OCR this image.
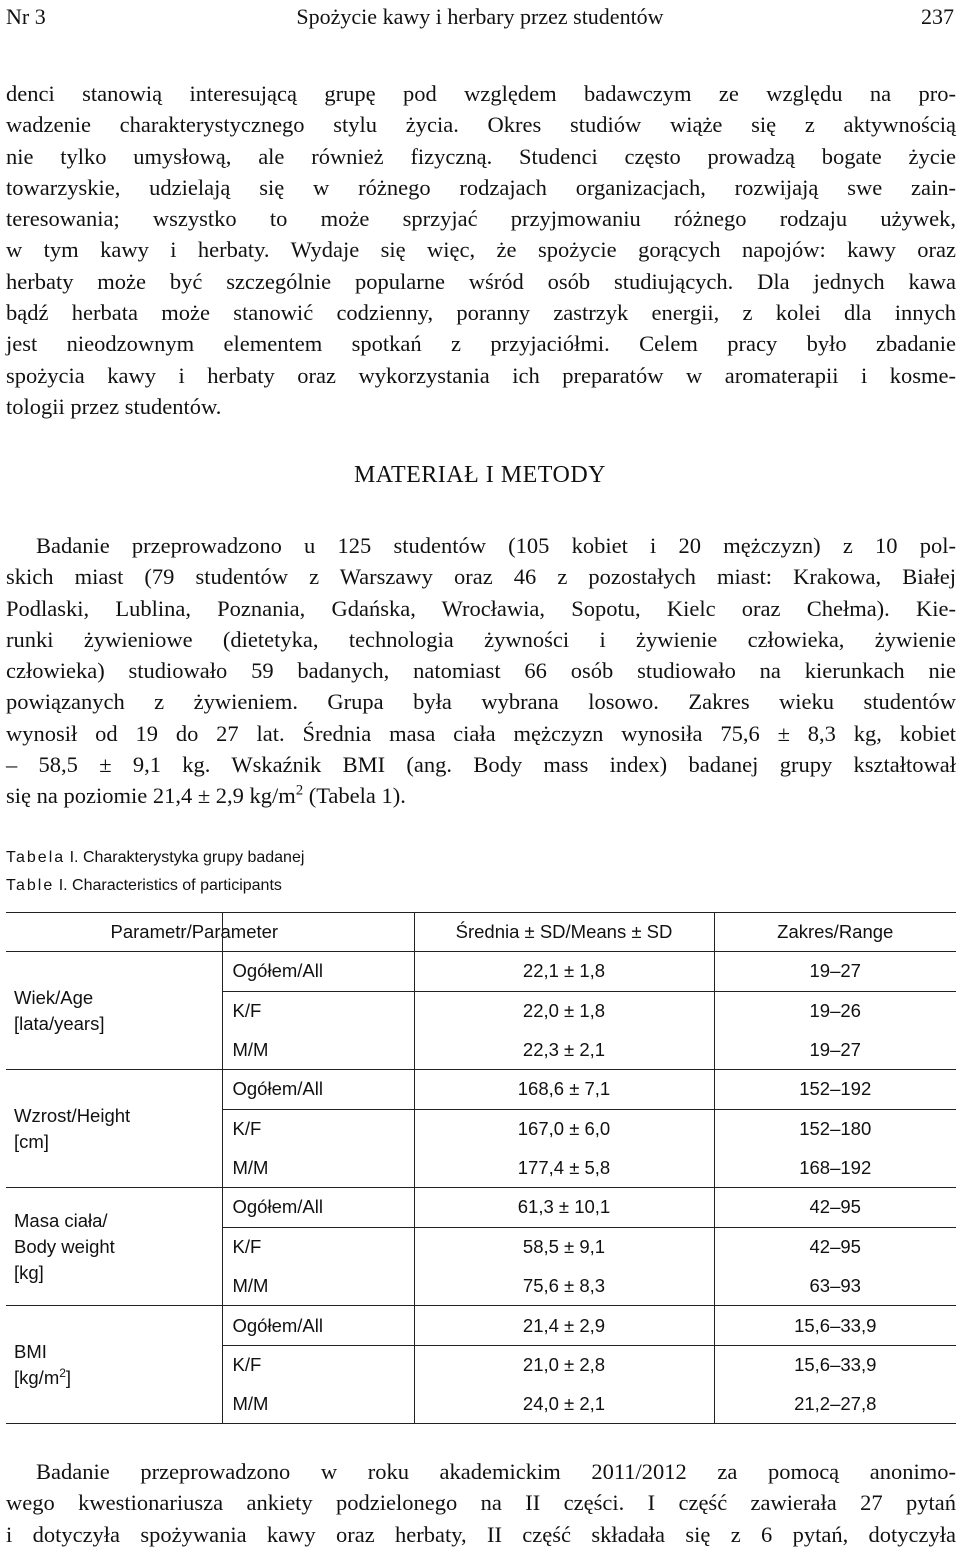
Nr 3	Spożycie kawy i herbary przez studentów	237
denci stanowią interesującą grupę pod względem badawczym ze względu na pro-
wadzenie charakterystycznego stylu życia. Okres studiów wiąże się z aktywnością
nie tylko umysłową, ale również fizyczną. Studenci często prowadzą bogate życie
towarzyskie, udzielają się w różnego rodzajach organizacjach, rozwijają swe zain-
teresowania; wszystko to może sprzyjać przyjmowaniu różnego rodzaju używek,
w tym kawy i herbaty. Wydaje się więc, że spożycie gorących napojów: kawy oraz
herbaty może być szczególnie popularne wśród osób studiujących. Dla jednych kawa
bądź herbata może stanowić codzienny, poranny zastrzyk energii, z kolei dla innych
jest nieodzownym elementem spotkań z przyjaciółmi. Celem pracy było zbadanie
spożycia kawy i herbaty oraz wykorzystania ich preparatów w aromaterapii i kosme-
tologii przez studentów.
MATERIAŁ I METODY
Badanie przeprowadzono u 125 studentów (105 kobiet i 20 mężczyzn) z 10 pol-
skich miast (79 studentów z Warszawy oraz 46 z pozostałych miast: Krakowa, Białej
Podlaski, Lublina, Poznania, Gdańska, Wrocławia, Sopotu, Kielc oraz Chełma). Kie-
runki żywieniowe (dietetyka, technologia żywności i żywienie człowieka, żywienie
człowieka) studiowało 59 badanych, natomiast 66 osób studiowało na kierunkach nie
powiązanych z żywieniem. Grupa była wybrana losowo. Zakres wieku studentów
wynosił od 19 do 27 lat. Średnia masa ciała mężczyzn wynosiła 75,6 ± 8,3 kg, kobiet
– 58,5 ± 9,1 kg. Wskaźnik BMI (ang. Body mass index) badanej grupy kształtował
się na poziomie 21,4 ± 2,9 $kg/m^2$ (Tabela 1).
Tabela I. Charakterystyka grupy badanej
Table I. Characteristics of participants
	Parametr/Parameter	Średnia ± SD/Means ± SD	Zakres/Range
Wiek/Age
[lata/years]	Ogółem/All	22,1 ± 1,8	19–27
	K/F	22,0 ± 1,8	19–26
	M/M	22,3 ± 2,1	19–27
Wzrost/Height
[cm]	Ogółem/All	168,6 ± 7,1	152–192
	K/F	167,0 ± 6,0	152–180
	M/M	177,4 ± 5,8	168–192
Masa ciała/
Body weight
[kg]	Ogółem/All	61,3 ± 10,1	42–95
	K/F	58,5 ± 9,1	42–95
	M/M	75,6 ± 8,3	63–93
BMI
$[kg/m^2]$	Ogółem/All	21,4 ± 2,9	15,6–33,9
	K/F	21,0 ± 2,8	15,6–33,9
	M/M	24,0 ± 2,1	21,2–27,8
Badanie przeprowadzono w roku akademickim 2011/2012 za pomocą anonimo-
wego kwestionariusza ankiety podzielonego na II części. I część zawierała 27 pytań
i dotyczyła spożywania kawy oraz herbaty, II część składała się z 6 pytań, dotyczyła
